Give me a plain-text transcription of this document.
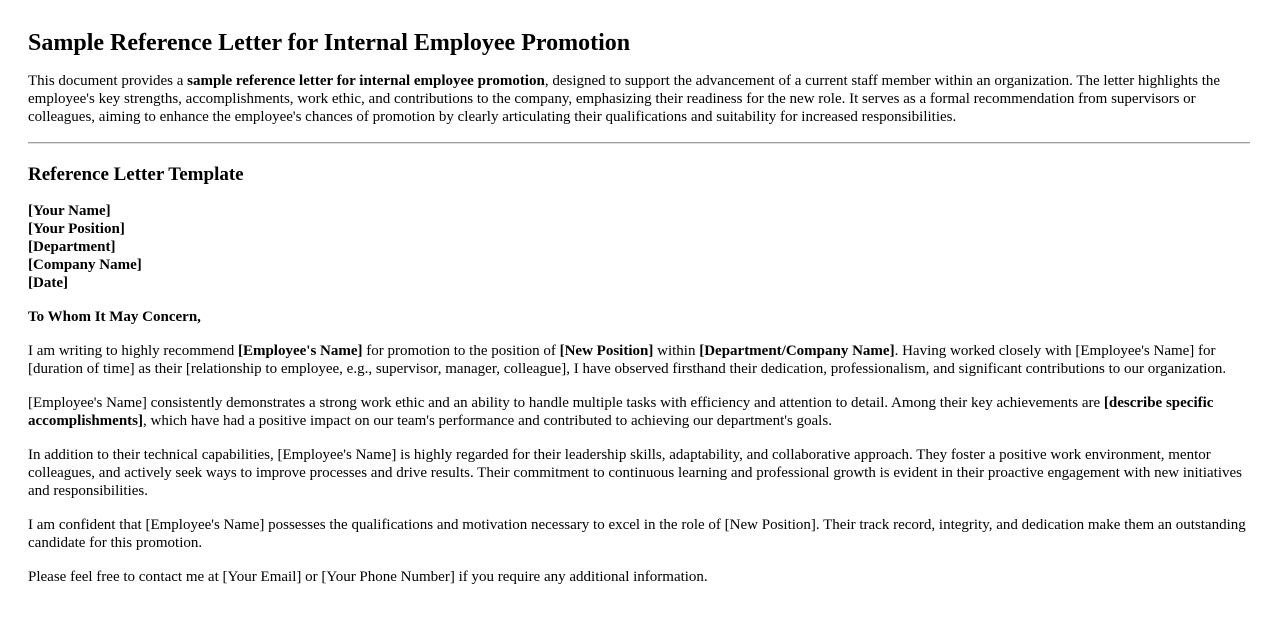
Sample Reference Letter for Internal Employee Promotion

This document provides a sample reference letter for internal employee promotion, designed to support the advancement of a current staff member within an organization. The letter highlights the employee's key strengths, accomplishments, work ethic, and contributions to the company, emphasizing their readiness for the new role. It serves as a formal recommendation from supervisors or colleagues, aiming to enhance the employee's chances of promotion by clearly articulating their qualifications and suitability for increased responsibilities.

Reference Letter Template
[Your Name]
[Your Position]
[Department]
[Company Name]
[Date]

To Whom It May Concern,

I am writing to highly recommend [Employee's Name] for promotion to the position of [New Position] within [Department/Company Name]. Having worked closely with [Employee's Name] for [duration of time] as their [relationship to employee, e.g., supervisor, manager, colleague], I have observed firsthand their dedication, professionalism, and significant contributions to our organization.

[Employee's Name] consistently demonstrates a strong work ethic and an ability to handle multiple tasks with efficiency and attention to detail. Among their key achievements are [describe specific accomplishments], which have had a positive impact on our team's performance and contributed to achieving our department's goals.

In addition to their technical capabilities, [Employee's Name] is highly regarded for their leadership skills, adaptability, and collaborative approach. They foster a positive work environment, mentor colleagues, and actively seek ways to improve processes and drive results. Their commitment to continuous learning and professional growth is evident in their proactive engagement with new initiatives and responsibilities.

I am confident that [Employee's Name] possesses the qualifications and motivation necessary to excel in the role of [New Position]. Their track record, integrity, and dedication make them an outstanding candidate for this promotion.

Please feel free to contact me at [Your Email] or [Your Phone Number] if you require any additional information.
